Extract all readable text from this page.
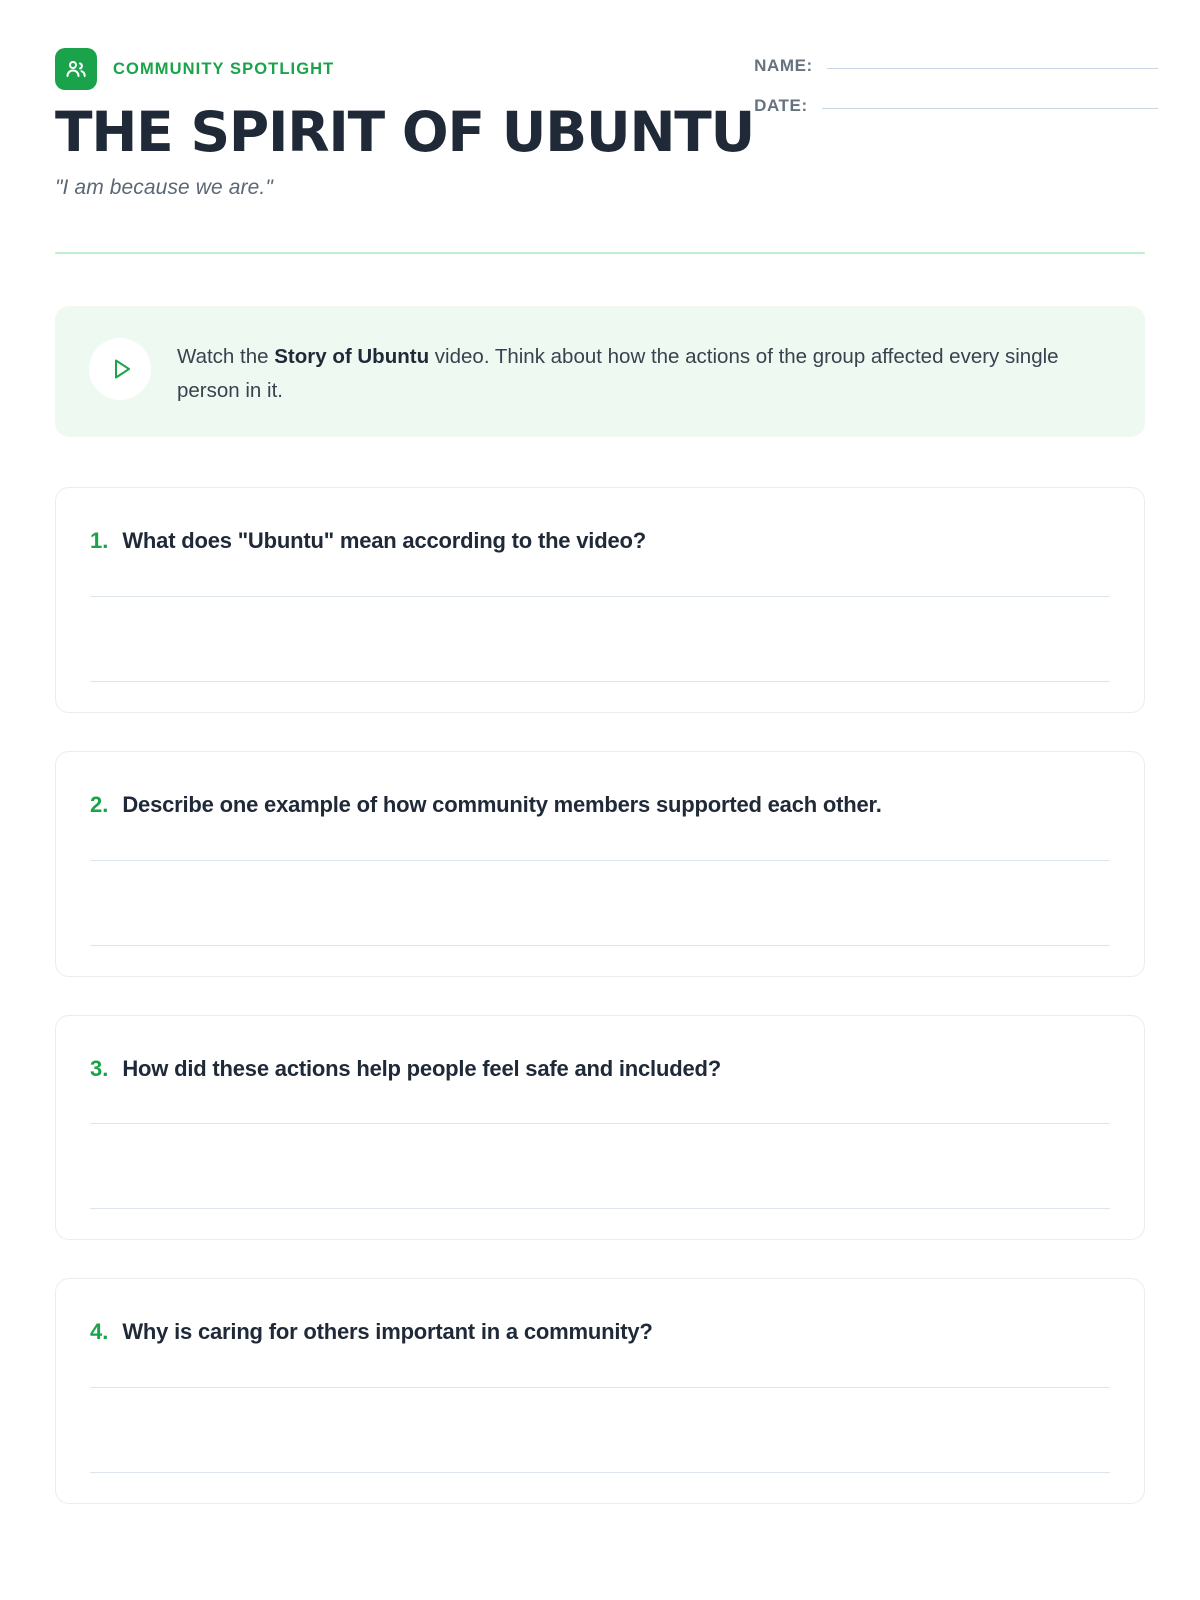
COMMUNITY SPOTLIGHT
THE SPIRIT OF UBUNTU
"I am because we are."
NAME:
DATE:
Watch the Story of Ubuntu video. Think about how the actions of the group affected every single person in it.
1. What does "Ubuntu" mean according to the video?
2. Describe one example of how community members supported each other.
3. How did these actions help people feel safe and included?
4. Why is caring for others important in a community?
